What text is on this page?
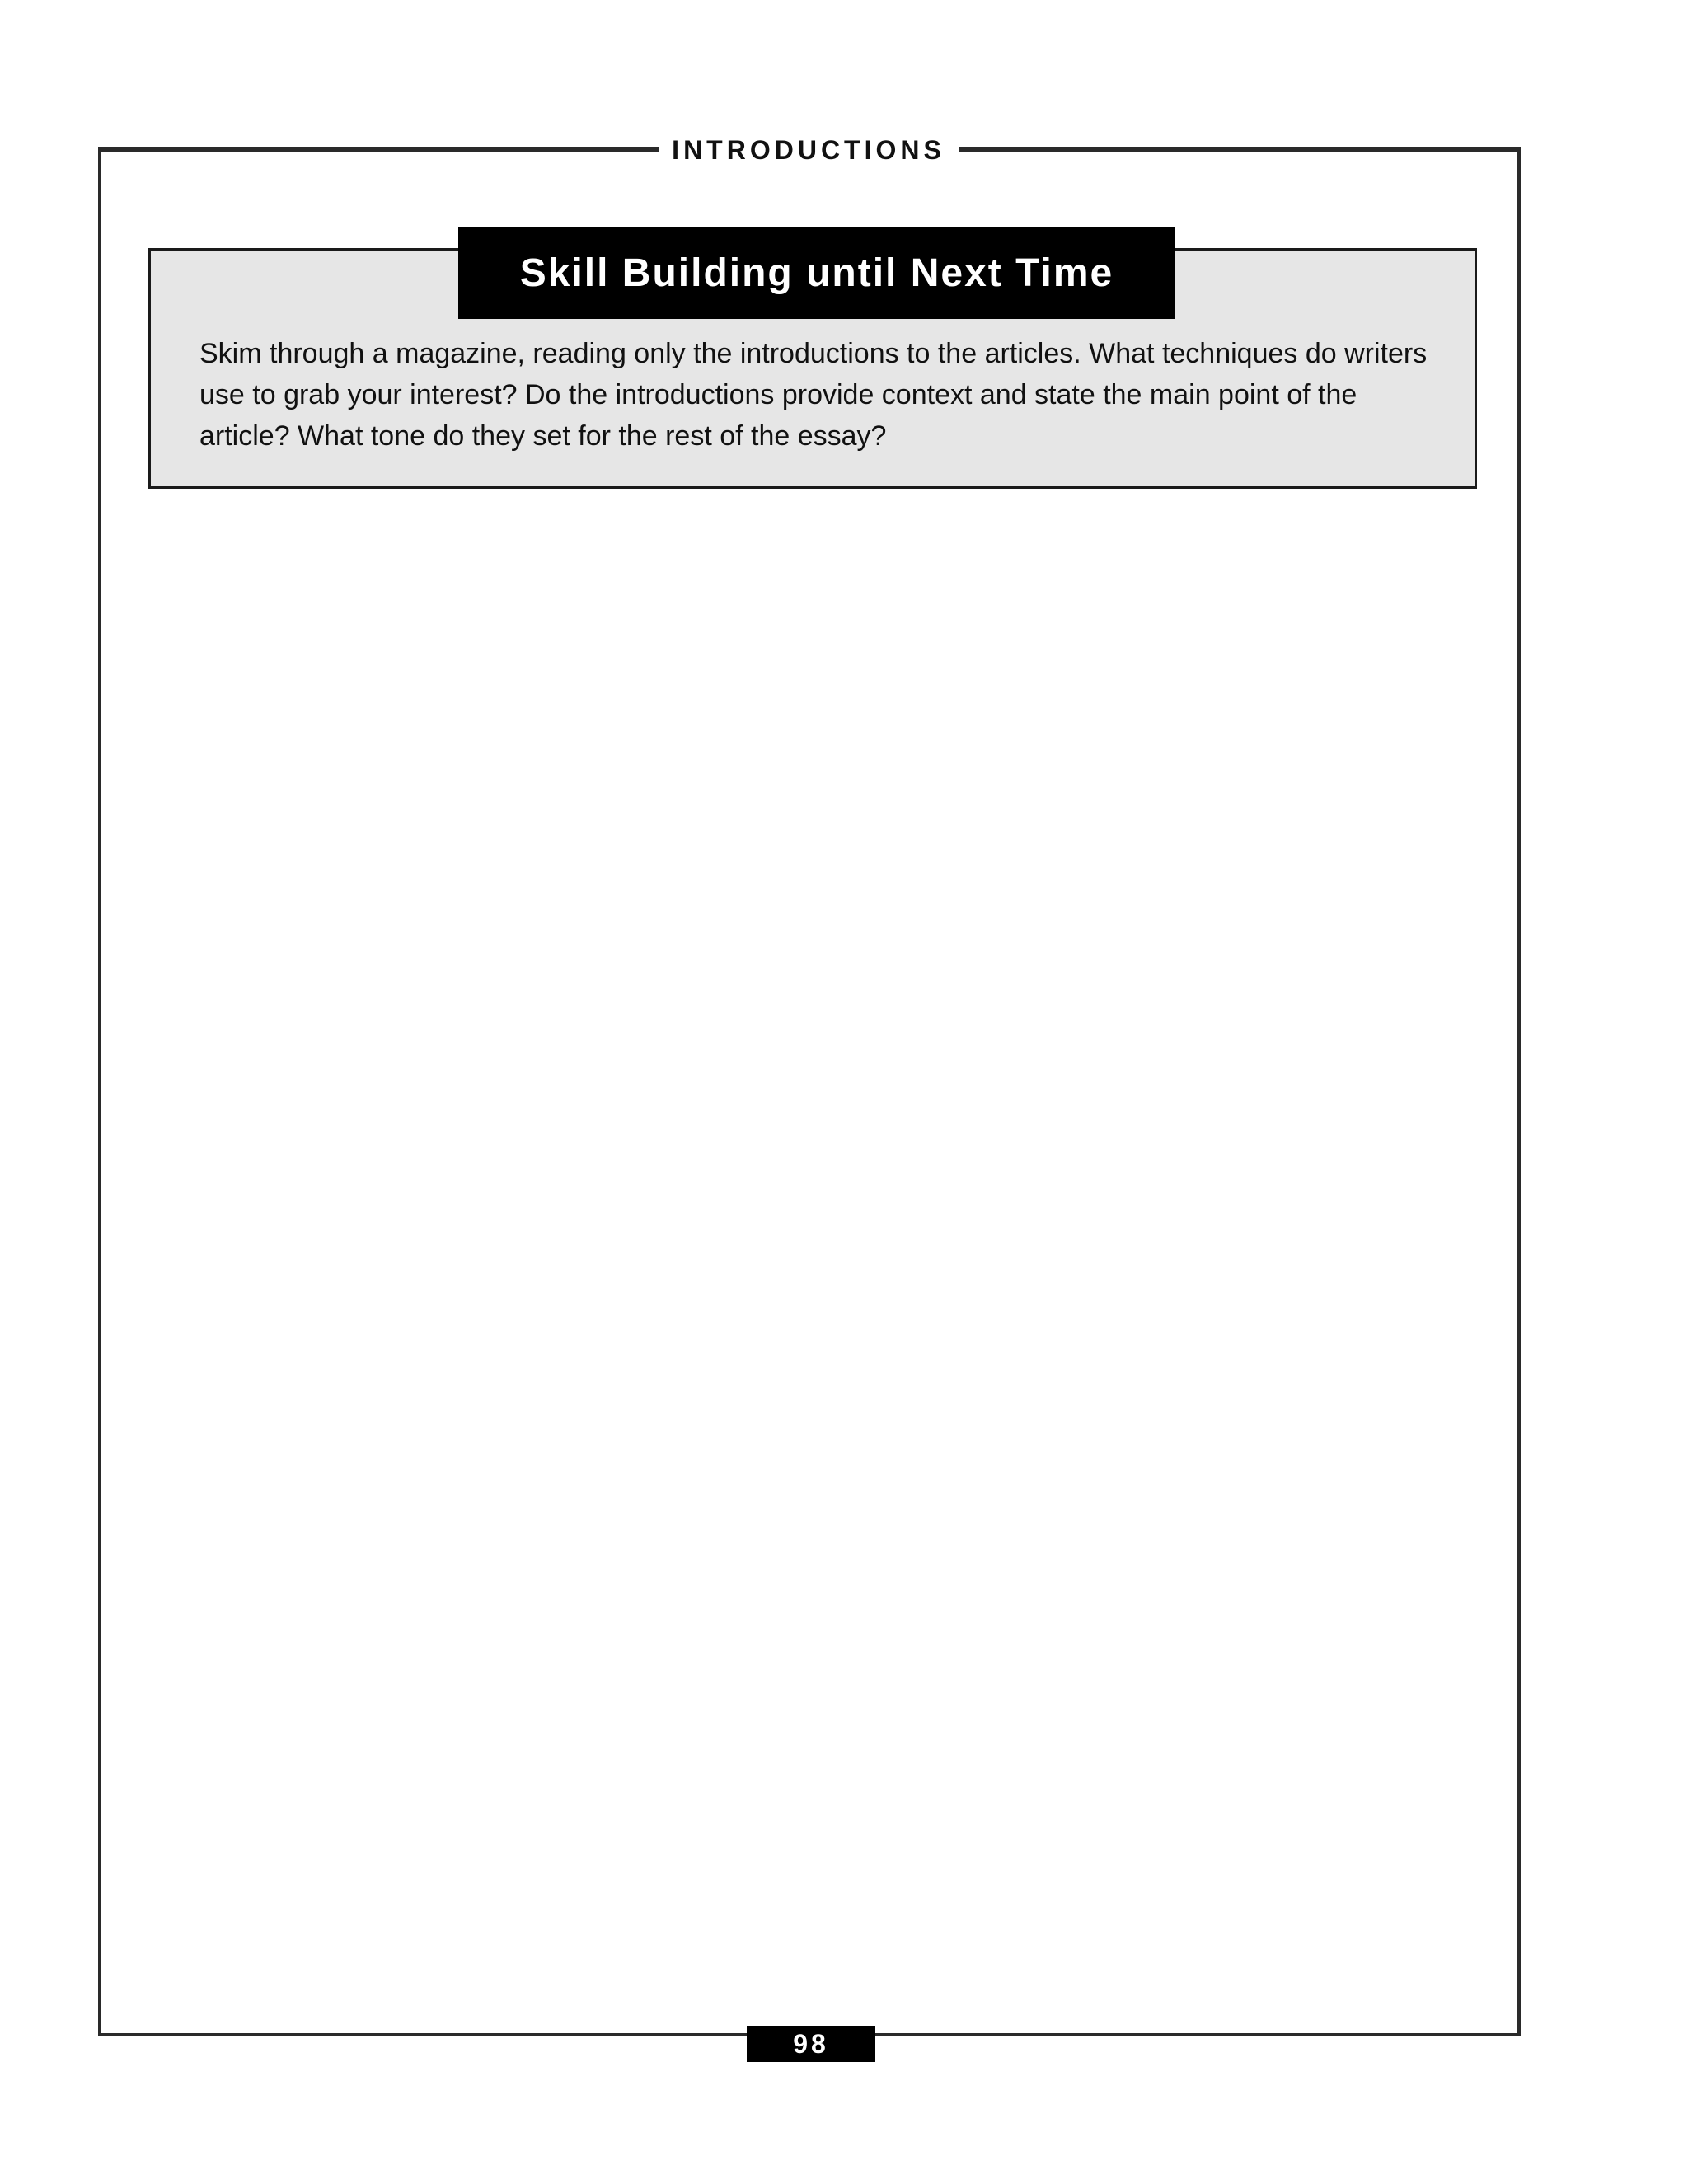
INTRODUCTIONS
Skill Building until Next Time

Skim through a magazine, reading only the introductions to the articles. What techniques do writers use to grab your interest? Do the introductions provide context and state the main point of the article? What tone do they set for the rest of the essay?

98
